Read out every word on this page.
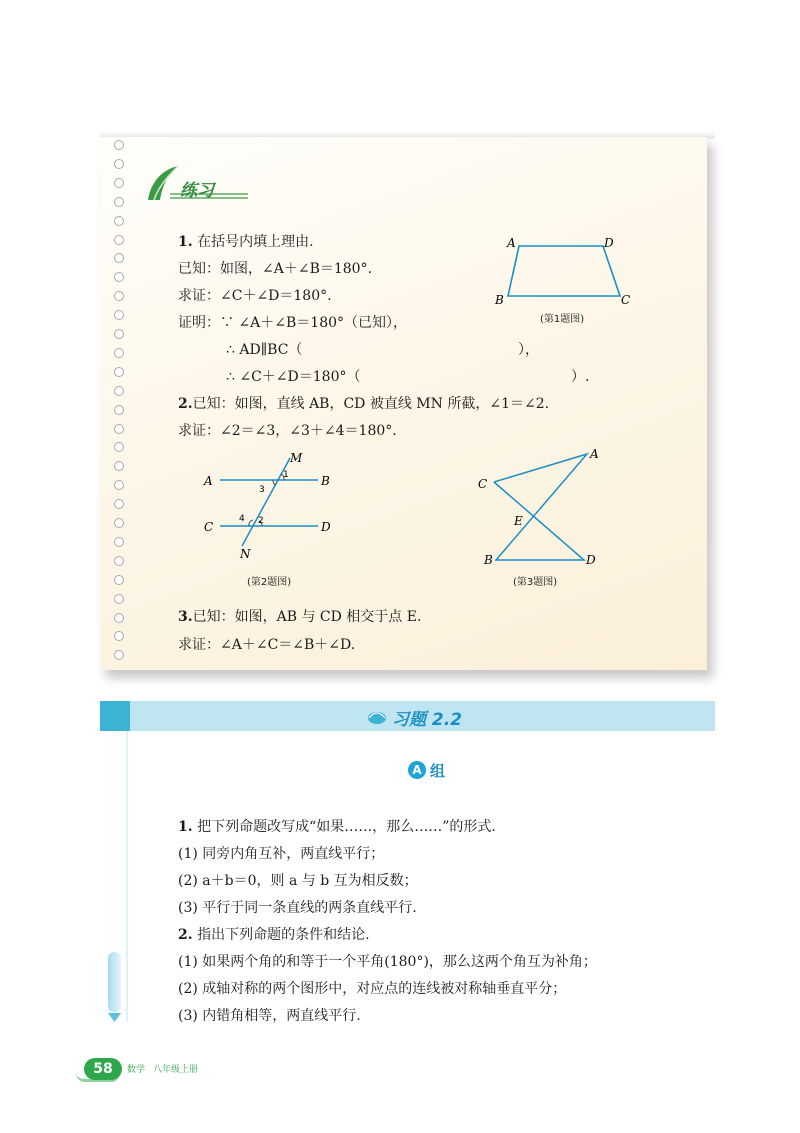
练习
1. 在括号内填上理由.
已知：如图，∠A＋∠B＝180°.
求证：∠C＋∠D＝180°.
证明：∵ ∠A＋∠B＝180°（已知），
∴ AD∥BC（	），
∴ ∠C＋∠D＝180°（	）.
A	D
B	C
(第1题图)
2.已知：如图，直线 AB，CD 被直线 MN 所截，∠1＝∠2.
求证：∠2＝∠3，∠3＋∠4＝180°.
M
A	B
C	D
N
1
3
2
4
(第2题图)
A
C
E
B	D
(第3题图)
3.已知：如图，AB 与 CD 相交于点 E.
求证：∠A＋∠C＝∠B＋∠D.
习题 2.2
A 组
1. 把下列命题改写成“如果……，那么……”的形式.
(1) 同旁内角互补，两直线平行；
(2) a＋b＝0，则 a 与 b 互为相反数；
(3) 平行于同一条直线的两条直线平行.
2. 指出下列命题的条件和结论.
(1) 如果两个角的和等于一个平角(180°)，那么这两个角互为补角；
(2) 成轴对称的两个图形中，对应点的连线被对称轴垂直平分；
(3) 内错角相等，两直线平行.
58	数学 八年级上册
